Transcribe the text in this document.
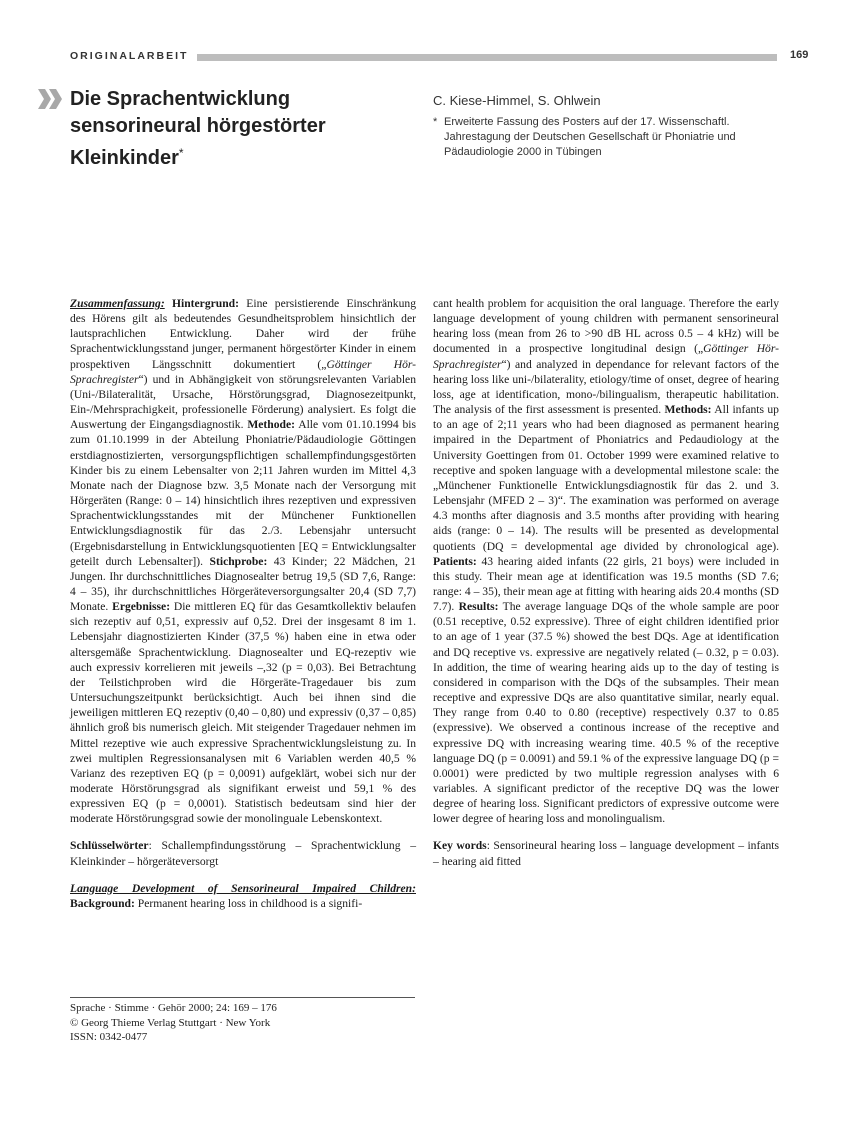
ORIGINALARBEIT	169
Die Sprachentwicklung
sensorineural hörgestörter
Kleinkinder*
C. Kiese-Himmel, S. Ohlwein
* Erweiterte Fassung des Posters auf der 17. Wissenschaftl. Jahrestagung der Deutschen Gesellschaft ür Phoniatrie und Pädaudiologie 2000 in Tübingen

Zusammenfassung: Hintergrund: Eine persistierende Einschränkung des Hörens gilt als bedeutendes Gesundheitsproblem hinsichtlich der lautsprachlichen Entwicklung. Daher wird der frühe Sprachentwicklungsstand junger, permanent hörgestörter Kinder in einem prospektiven Längsschnitt dokumentiert („Göttinger Hör-Sprachregister“) und in Abhängigkeit von störungsrelevanten Variablen (Uni-/Bilateralität, Ursache, Hörstörungsgrad, Diagnosezeitpunkt, Ein-/Mehrsprachigkeit, professionelle Förderung) analysiert. Es folgt die Auswertung der Eingangsdiagnostik. Methode: Alle vom 01.10.1994 bis zum 01.10.1999 in der Abteilung Phoniatrie/Pädaudiologie Göttingen erstdiagnostizierten, versorgungspflichtigen schallempfindungsgestörten Kinder bis zu einem Lebensalter von 2;11 Jahren wurden im Mittel 4,3 Monate nach der Diagnose bzw. 3,5 Monate nach der Versorgung mit Hörgeräten (Range: 0 – 14) hinsichtlich ihres rezeptiven und expressiven Sprachentwicklungsstandes mit der Münchener Funktionellen Entwicklungsdiagnostik für das 2./3. Lebensjahr untersucht (Ergebnisdarstellung in Entwicklungsquotienten [EQ = Entwicklungsalter geteilt durch Lebensalter]). Stichprobe: 43 Kinder; 22 Mädchen, 21 Jungen. Ihr durchschnittliches Diagnosealter betrug 19,5 (SD 7,6, Range: 4 – 35), ihr durchschnittliches Hörgeräteversorgungsalter 20,4 (SD 7,7) Monate. Ergebnisse: Die mittleren EQ für das Gesamtkollektiv belaufen sich rezeptiv auf 0,51, expressiv auf 0,52. Drei der insgesamt 8 im 1. Lebensjahr diagnostizierten Kinder (37,5 %) haben eine in etwa oder altersgemäße Sprachentwicklung. Diagnosealter und EQ-rezeptiv wie auch expressiv korrelieren mit jeweils –,32 (p = 0,03). Bei Betrachtung der Teilstichproben wird die Hörgeräte-Tragedauer bis zum Untersuchungszeitpunkt berücksichtigt. Auch bei ihnen sind die jeweiligen mittleren EQ rezeptiv (0,40 – 0,80) und expressiv (0,37 – 0,85) ähnlich groß bis numerisch gleich. Mit steigender Tragedauer nehmen im Mittel rezeptive wie auch expressive Sprachentwicklungsleistung zu. In zwei multiplen Regressionsanalysen mit 6 Variablen werden 40,5 % Varianz des rezeptiven EQ (p = 0,0091) aufgeklärt, wobei sich nur der moderate Hörstörungsgrad als signifikant erweist und 59,1 % des expressiven EQ (p = 0,0001). Statistisch bedeutsam sind hier der moderate Hörstörungsgrad sowie der monolinguale Lebenskontext.

Schlüsselwörter: Schallempfindungsstörung – Sprachentwicklung – Kleinkinder – hörgeräteversorgt

Language Development of Sensorineural Impaired Children: Background: Permanent hearing loss in childhood is a signifi-

cant health problem for acquisition the oral language. Therefore the early language development of young children with permanent sensorineural hearing loss (mean from 26 to >90 dB HL across 0.5 – 4 kHz) will be documented in a prospective longitudinal design („Göttinger Hör-Sprachregister“) and analyzed in dependance for relevant factors of the hearing loss like uni-/bilaterality, etiology/time of onset, degree of hearing loss, age at identification, mono-/bilingualism, therapeutic habilitation. The analysis of the first assessment is presented. Methods: All infants up to an age of 2;11 years who had been diagnosed as permanent hearing impaired in the Department of Phoniatrics and Pedaudiology at the University Goettingen from 01. October 1999 were examined relative to receptive and spoken language with a developmental milestone scale: the „Münchener Funktionelle Entwicklungsdiagnostik für das 2. und 3. Lebensjahr (MFED 2 – 3)“. The examination was performed on average 4.3 months after diagnosis and 3.5 months after providing with hearing aids (range: 0 – 14). The results will be presented as developmental quotients (DQ = developmental age divided by chronological age). Patients: 43 hearing aided infants (22 girls, 21 boys) were included in this study. Their mean age at identification was 19.5 months (SD 7.6; range: 4 – 35), their mean age at fitting with hearing aids 20.4 months (SD 7.7). Results: The average language DQs of the whole sample are poor (0.51 receptive, 0.52 expressive). Three of eight children identified prior to an age of 1 year (37.5 %) showed the best DQs. Age at identification and DQ receptive vs. expressive are negatively related (– 0.32, p = 0.03). In addition, the time of wearing hearing aids up to the day of testing is considered in comparison with the DQs of the subsamples. Their mean receptive and expressive DQs are also quantitative similar, nearly equal. They range from 0.40 to 0.80 (receptive) respectively 0.37 to 0.85 (expressive). We observed a continous increase of the receptive and expressive DQ with increasing wearing time. 40.5 % of the receptive language DQ (p = 0.0091) and 59.1 % of the expressive language DQ (p = 0.0001) were predicted by two multiple regression analyses with 6 variables. A significant predictor of the receptive DQ was the lower degree of hearing loss. Significant predictors of expressive outcome were lower degree of hearing loss and monolingualism.

Key words: Sensorineural hearing loss – language development – infants – hearing aid fitted

Sprache · Stimme · Gehör 2000; 24: 169 – 176
© Georg Thieme Verlag Stuttgart · New York
ISSN: 0342-0477
